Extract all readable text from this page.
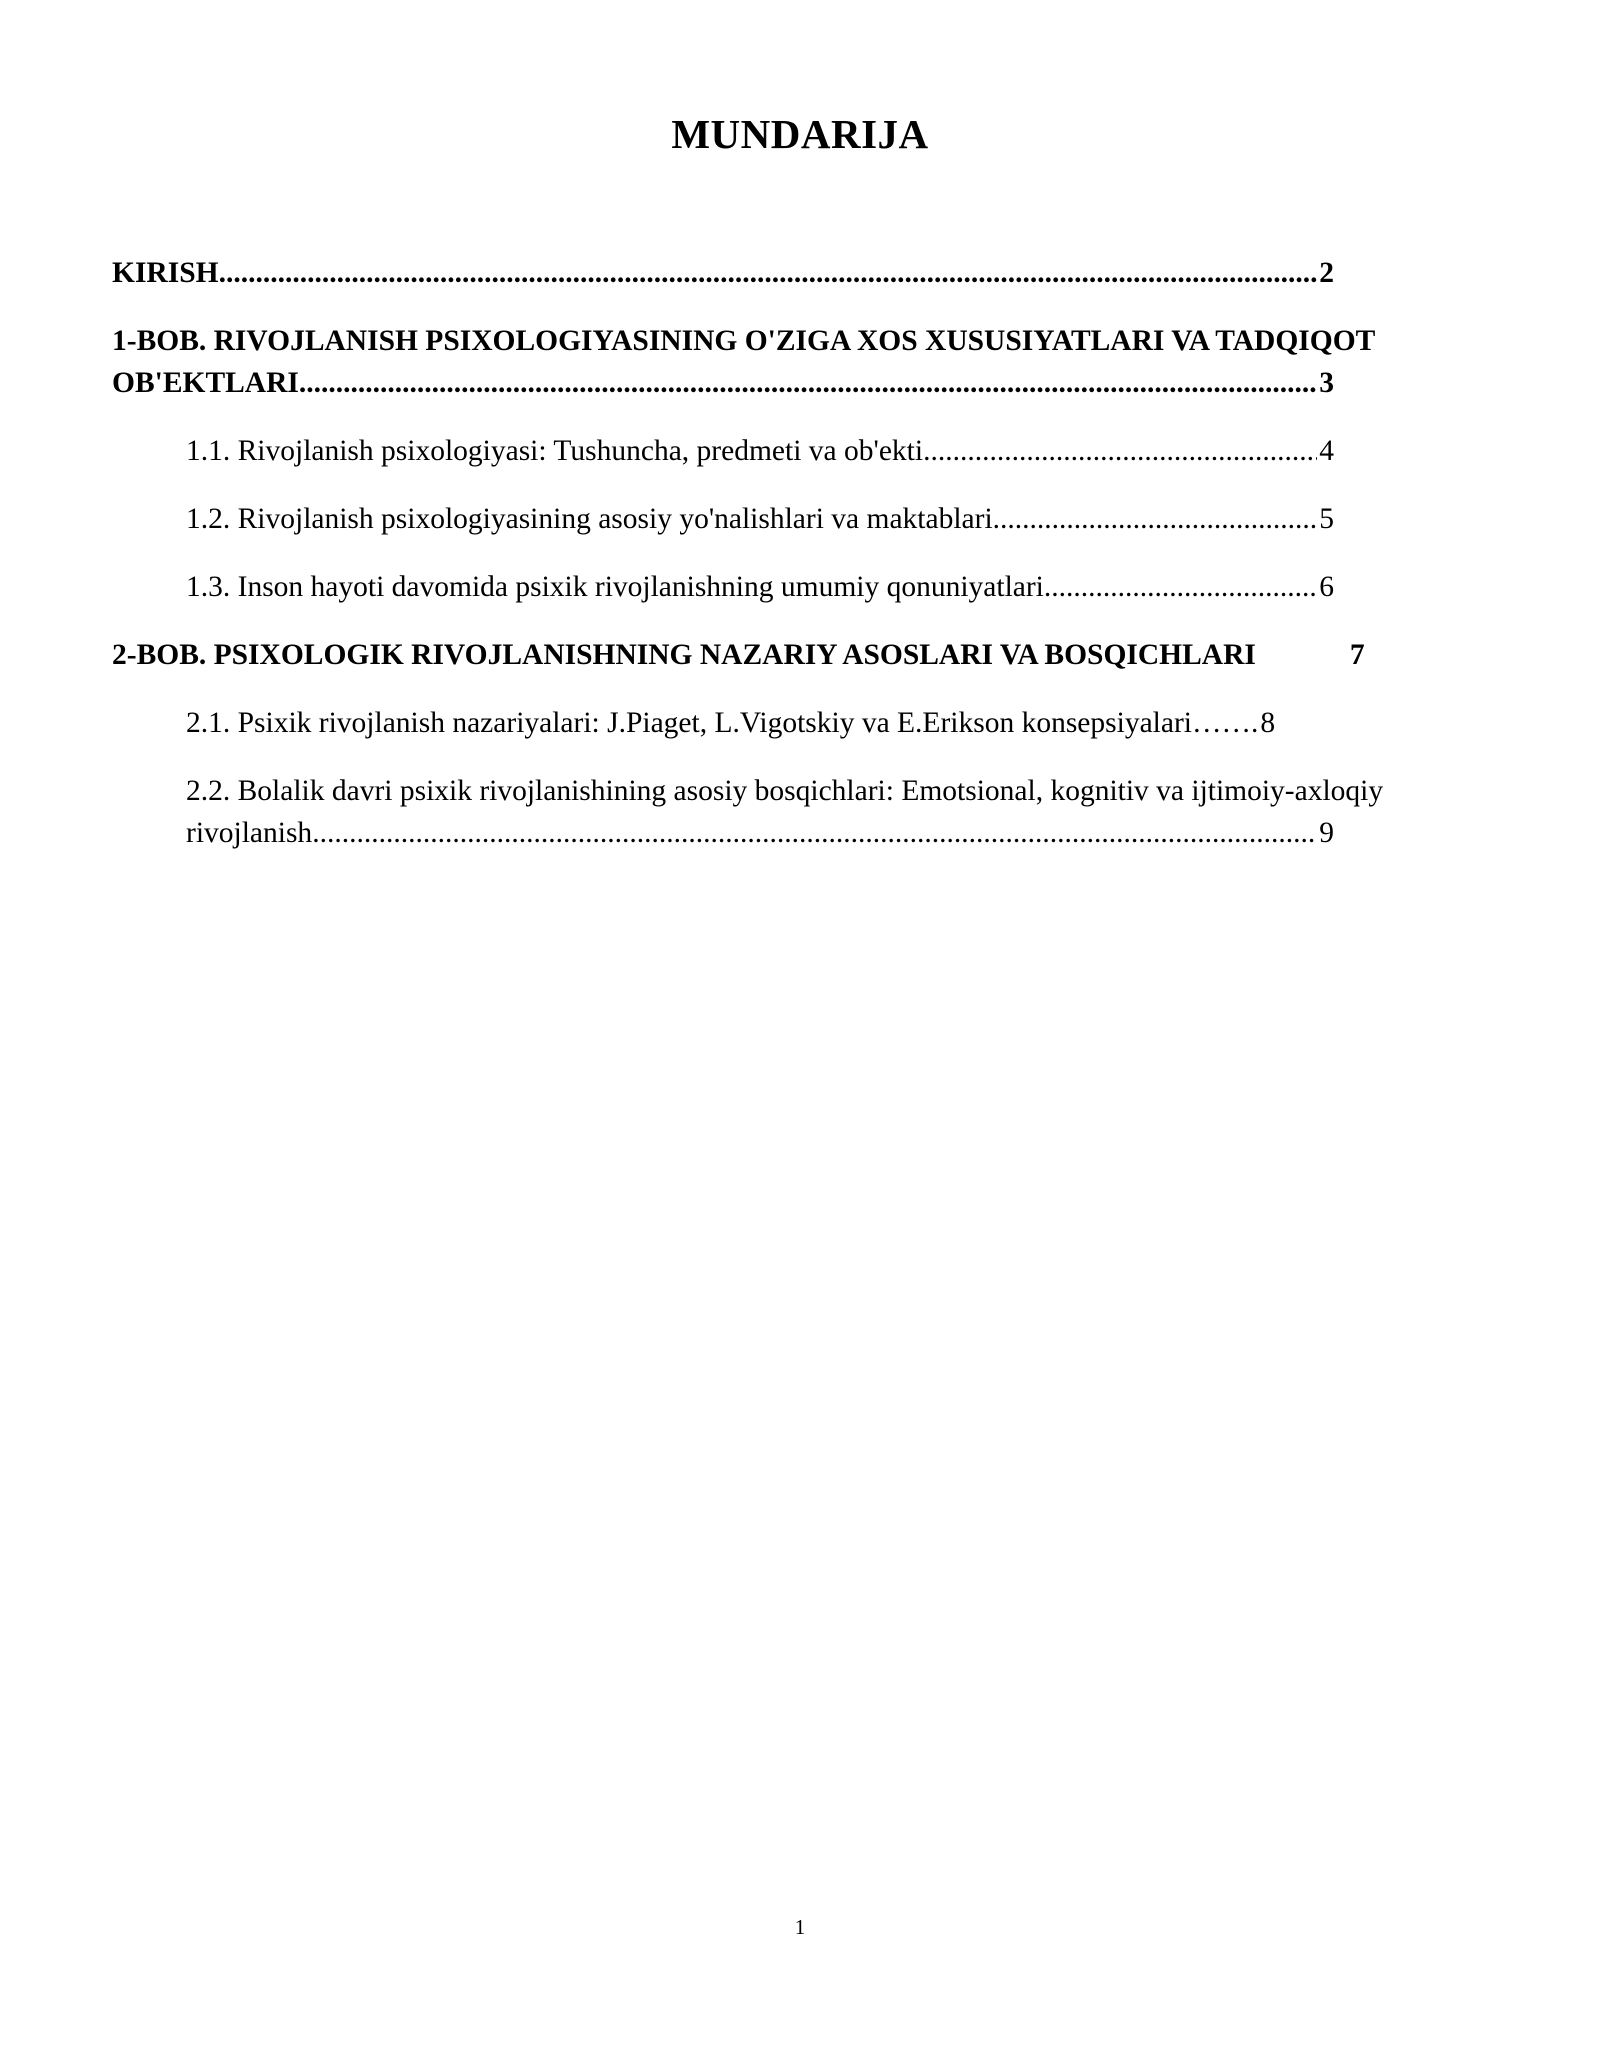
MUNDARIJA
KIRISH .....	2
1-BOB. RIVOJLANISH PSIXOLOGIYASINING O'ZIGA XOS XUSUSIYATLARI VA TADQIQOT
OB'EKTLARI .....	3
1.1. Rivojlanish psixologiyasi: Tushuncha, predmeti va ob'ekti .....	4
1.2. Rivojlanish psixologiyasining asosiy yo'nalishlari va maktablari .....	5
1.3. Inson hayoti davomida psixik rivojlanishning umumiy qonuniyatlari .....	6
2-BOB. PSIXOLOGIK RIVOJLANISHNING NAZARIY ASOSLARI VA BOSQICHLARI	7
2.1. Psixik rivojlanish nazariyalari: J.Piaget, L.Vigotskiy va E.Erikson konsepsiyalari……. 8
2.2. Bolalik davri psixik rivojlanishining asosiy bosqichlari: Emotsional, kognitiv va ijtimoiy-axloqiy
rivojlanish .....	9
1
